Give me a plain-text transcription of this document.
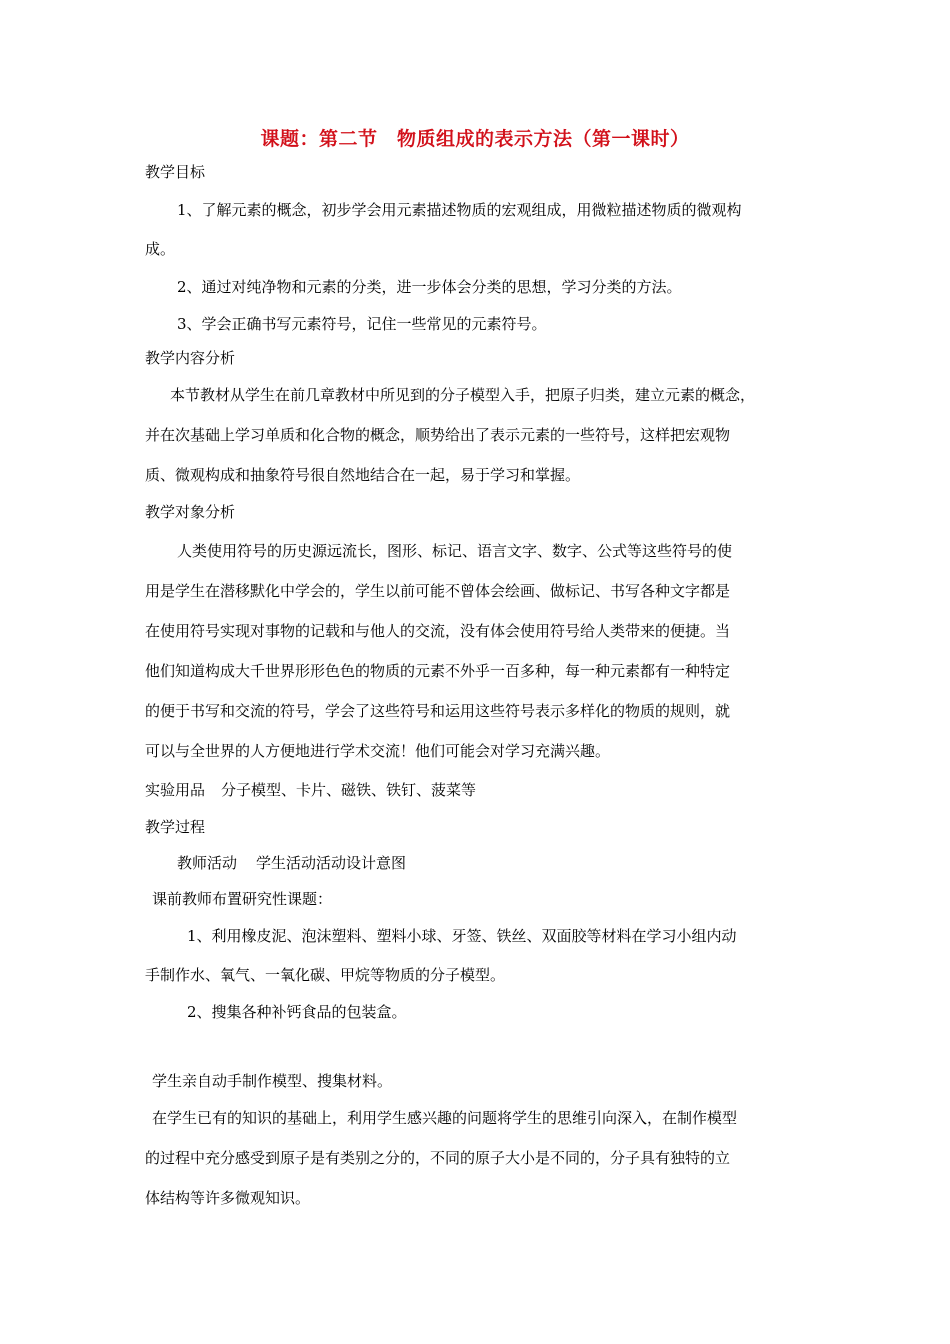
课题：第二节　物质组成的表示方法（第一课时）
教学目标
1、了解元素的概念，初步学会用元素描述物质的宏观组成，用微粒描述物质的微观构
成。
2、通过对纯净物和元素的分类，进一步体会分类的思想，学习分类的方法。
3、学会正确书写元素符号，记住一些常见的元素符号。
教学内容分析
本节教材从学生在前几章教材中所见到的分子模型入手，把原子归类，建立元素的概念，
并在次基础上学习单质和化合物的概念，顺势给出了表示元素的一些符号，这样把宏观物
质、微观构成和抽象符号很自然地结合在一起，易于学习和掌握。
教学对象分析
人类使用符号的历史源远流长，图形、标记、语言文字、数字、公式等这些符号的使
用是学生在潜移默化中学会的，学生以前可能不曾体会绘画、做标记、书写各种文字都是
在使用符号实现对事物的记载和与他人的交流，没有体会使用符号给人类带来的便捷。当
他们知道构成大千世界形形色色的物质的元素不外乎一百多种，每一种元素都有一种特定
的便于书写和交流的符号，学会了这些符号和运用这些符号表示多样化的物质的规则，就
可以与全世界的人方便地进行学术交流！他们可能会对学习充满兴趣。
实验用品 分子模型、卡片、磁铁、铁钉、菠菜等
教学过程
教师活动 学生活动活动设计意图
课前教师布置研究性课题：
1、利用橡皮泥、泡沫塑料、塑料小球、牙签、铁丝、双面胶等材料在学习小组内动
手制作水、氧气、一氧化碳、甲烷等物质的分子模型。
2、搜集各种补钙食品的包装盒。
学生亲自动手制作模型、搜集材料。
在学生已有的知识的基础上，利用学生感兴趣的问题将学生的思维引向深入，在制作模型
的过程中充分感受到原子是有类别之分的，不同的原子大小是不同的，分子具有独特的立
体结构等许多微观知识。
